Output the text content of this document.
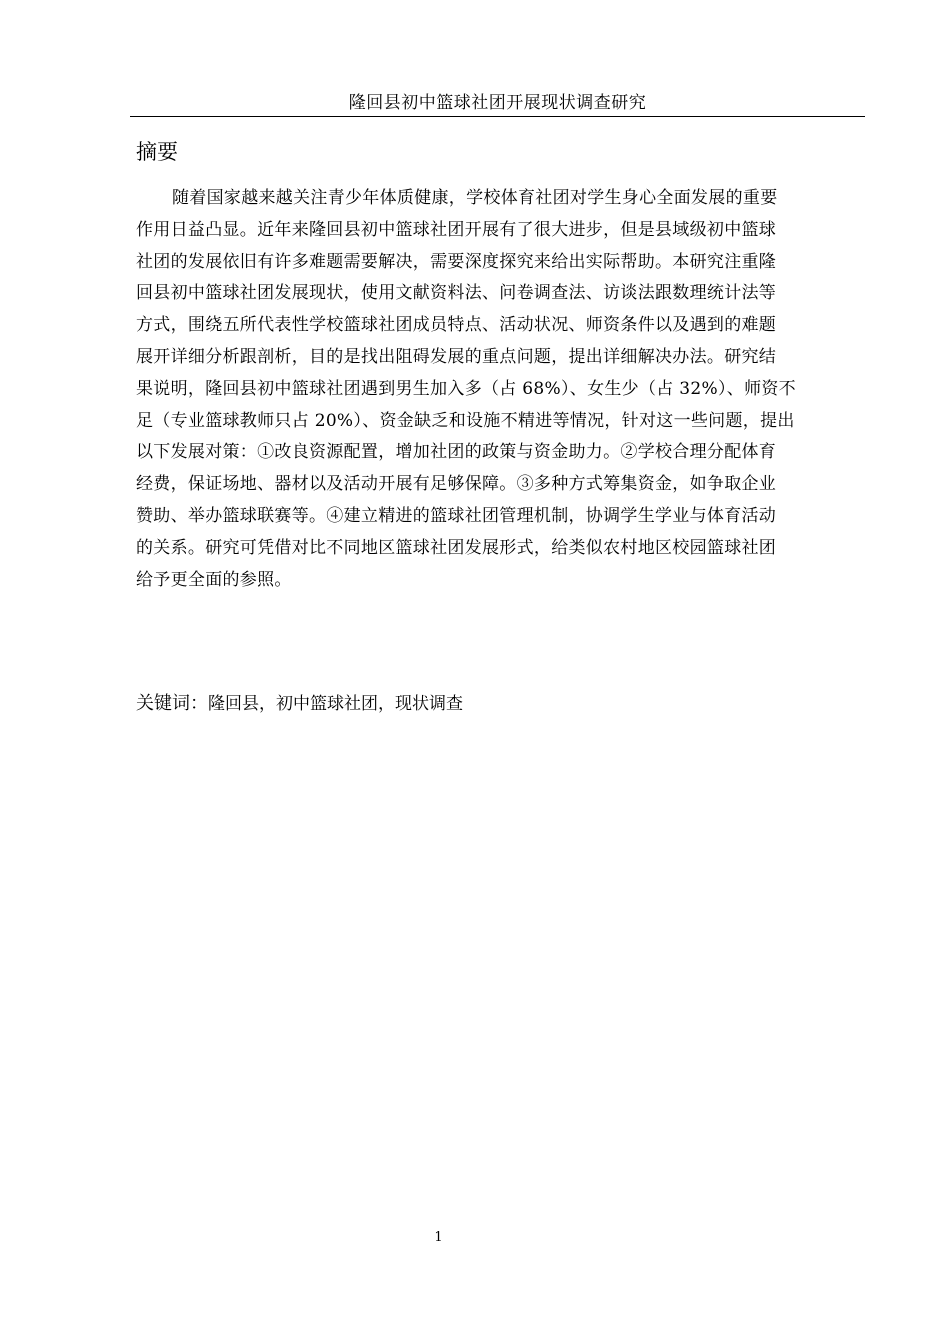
隆回县初中篮球社团开展现状调查研究
摘要
随着国家越来越关注青少年体质健康，学校体育社团对学生身心全面发展的重要
作用日益凸显。近年来隆回县初中篮球社团开展有了很大进步，但是县域级初中篮球
社团的发展依旧有许多难题需要解决，需要深度探究来给出实际帮助。本研究注重隆
回县初中篮球社团发展现状，使用文献资料法、问卷调查法、访谈法跟数理统计法等
方式，围绕五所代表性学校篮球社团成员特点、活动状况、师资条件以及遇到的难题
展开详细分析跟剖析，目的是找出阻碍发展的重点问题，提出详细解决办法。研究结
果说明，隆回县初中篮球社团遇到男生加入多（占 68%）、女生少（占 32%）、师资不
足（专业篮球教师只占 20%）、资金缺乏和设施不精进等情况，针对这一些问题，提出
以下发展对策：①改良资源配置，增加社团的政策与资金助力。②学校合理分配体育
经费，保证场地、器材以及活动开展有足够保障。③多种方式筹集资金，如争取企业
赞助、举办篮球联赛等。④建立精进的篮球社团管理机制，协调学生学业与体育活动
的关系。研究可凭借对比不同地区篮球社团发展形式，给类似农村地区校园篮球社团
给予更全面的参照。
关键词：隆回县，初中篮球社团，现状调查
1
